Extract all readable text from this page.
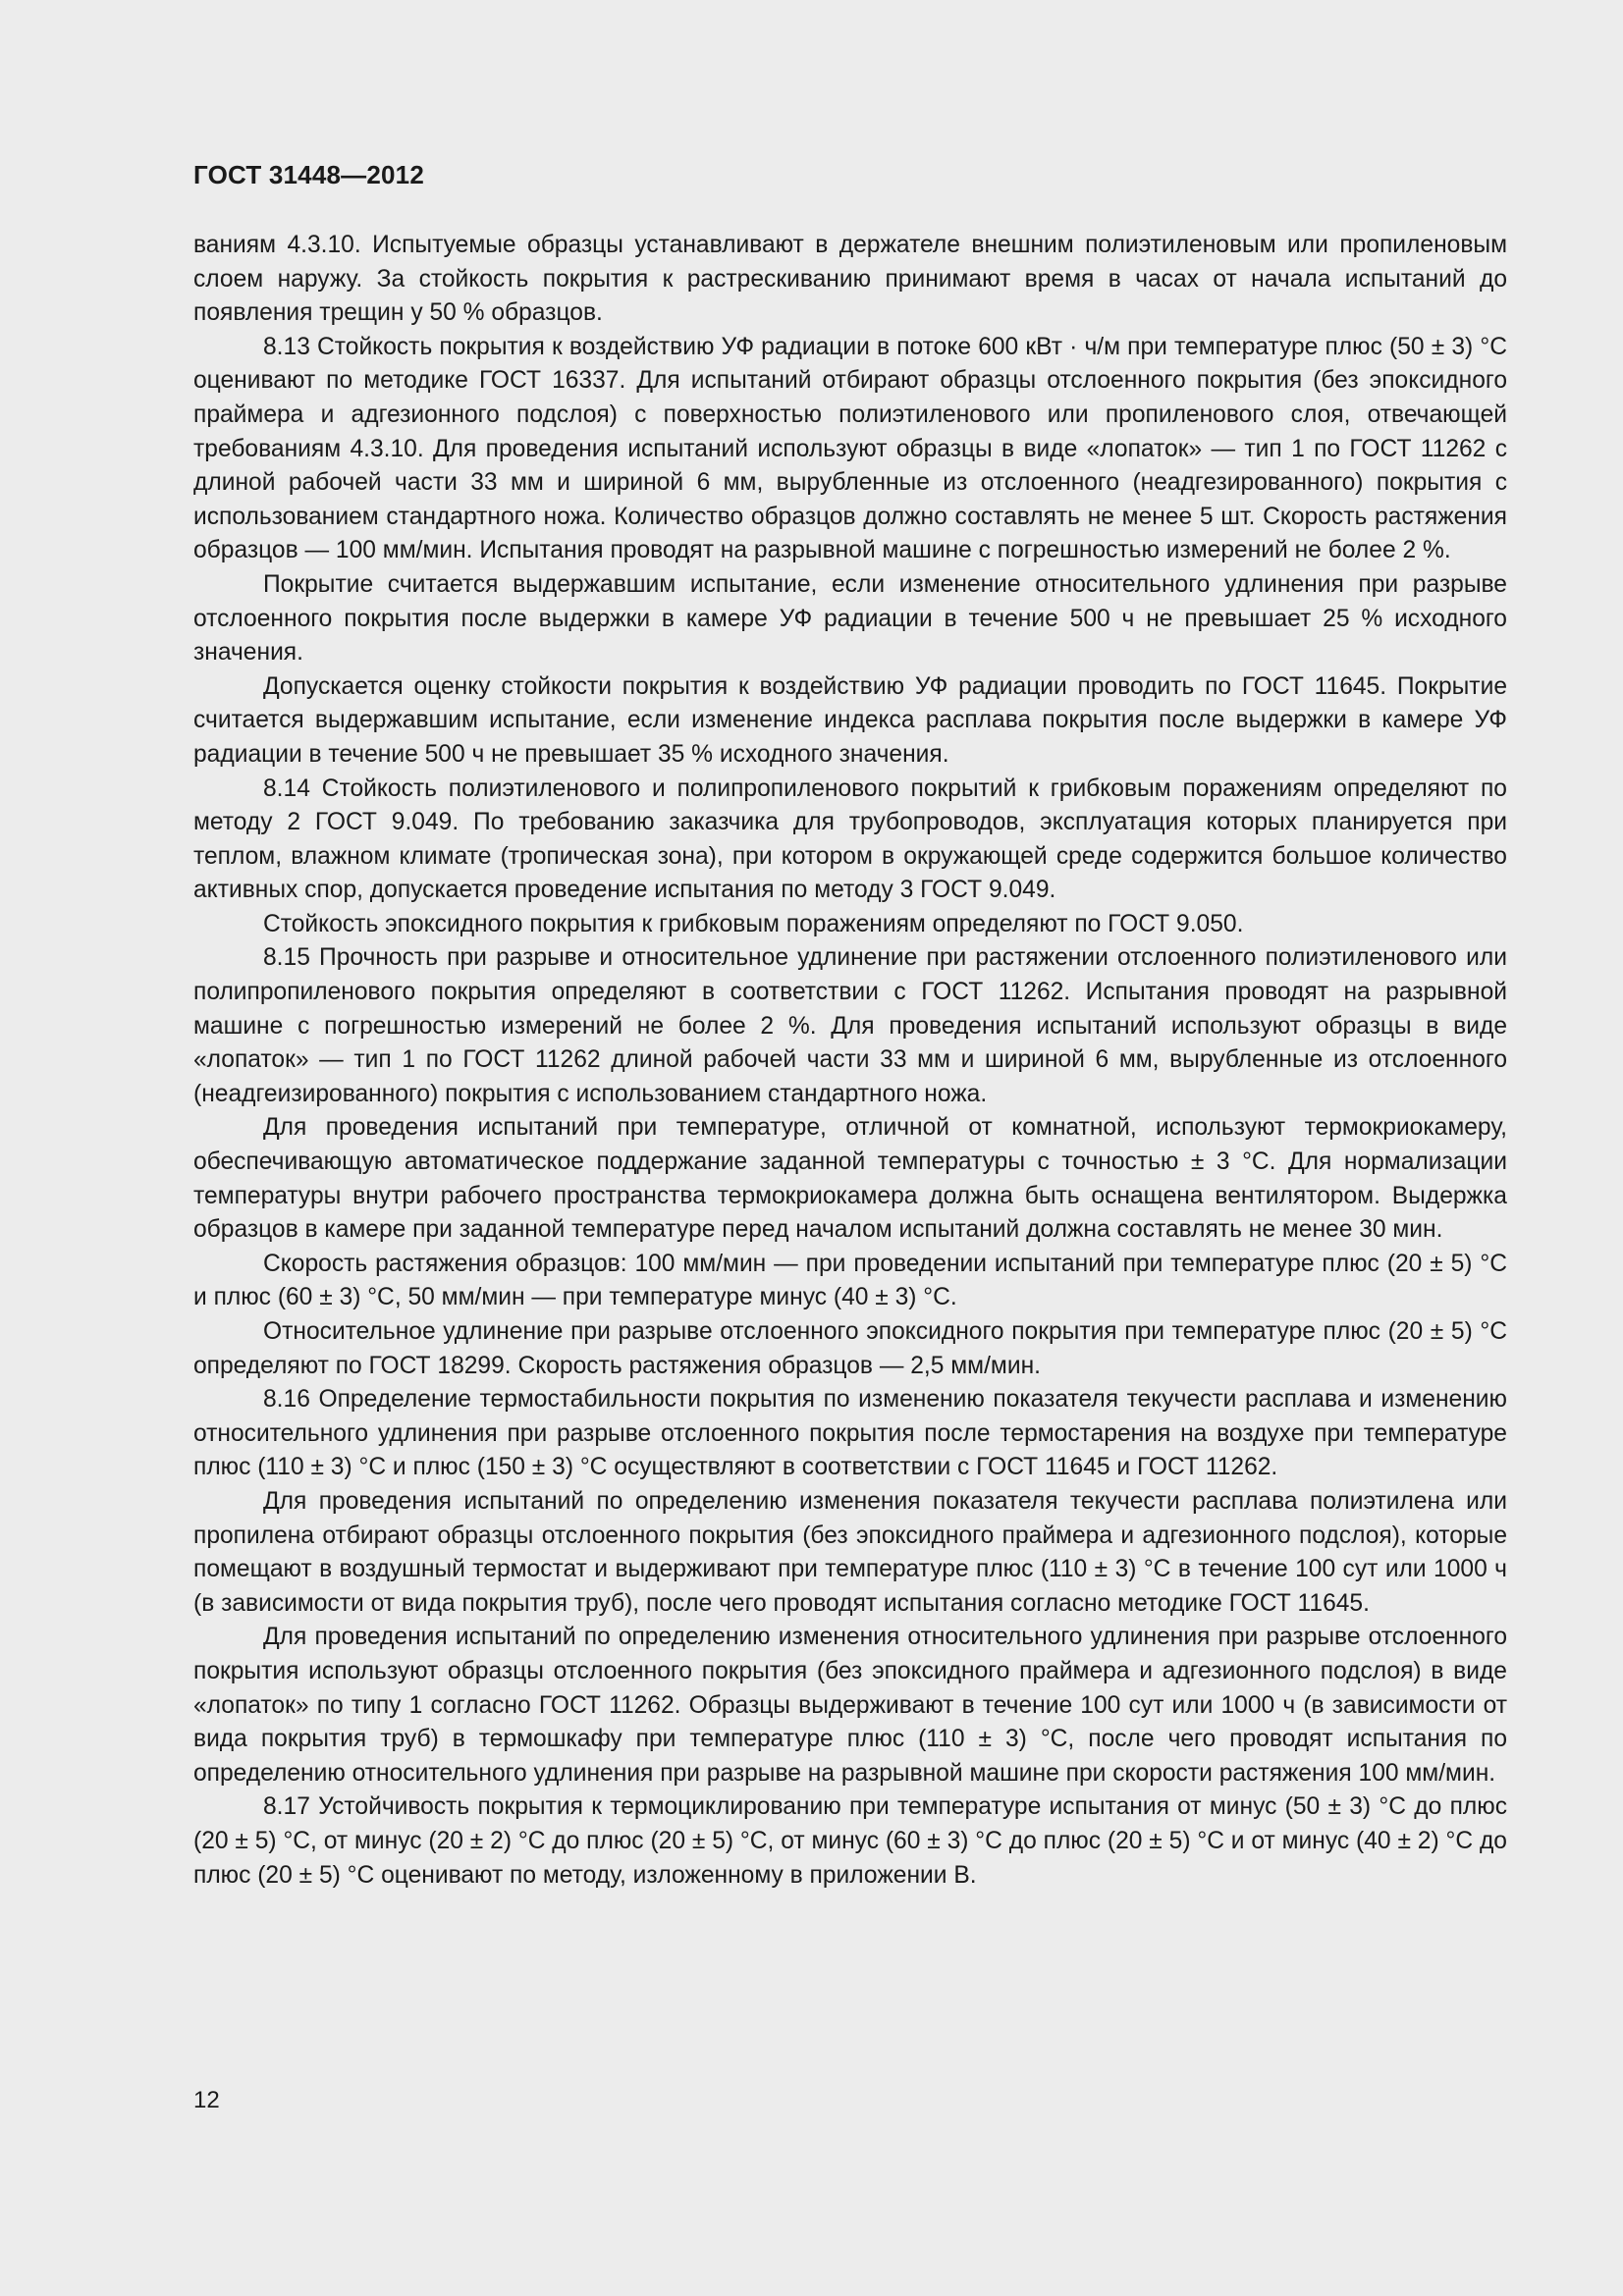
ГОСТ 31448—2012

ваниям 4.3.10. Испытуемые образцы устанавливают в держателе внешним полиэтиленовым или пропиленовым слоем наружу. За стойкость покрытия к растрескиванию принимают время в часах от начала испытаний до появления трещин у 50 % образцов.

8.13 Стойкость покрытия к воздействию УФ радиации в потоке 600 кВт · ч/м при температуре плюс (50 ± 3) °С оценивают по методике ГОСТ 16337. Для испытаний отбирают образцы отслоенного покрытия (без эпоксидного праймера и адгезионного подслоя) с поверхностью полиэтиленового или пропиленового слоя, отвечающей требованиям 4.3.10. Для проведения испытаний используют образцы в виде «лопаток» — тип 1 по ГОСТ 11262 с длиной рабочей части 33 мм и шириной 6 мм, вырубленные из отслоенного (неадгезированного) покрытия с использованием стандартного ножа. Количество образцов должно составлять не менее 5 шт. Скорость растяжения образцов — 100 мм/мин. Испытания проводят на разрывной машине с погрешностью измерений не более 2 %.

Покрытие считается выдержавшим испытание, если изменение относительного удлинения при разрыве отслоенного покрытия после выдержки в камере УФ радиации в течение 500 ч не превышает 25 % исходного значения.

Допускается оценку стойкости покрытия к воздействию УФ радиации проводить по ГОСТ 11645. Покрытие считается выдержавшим испытание, если изменение индекса расплава покрытия после выдержки в камере УФ радиации в течение 500 ч не превышает 35 % исходного значения.

8.14 Стойкость полиэтиленового и полипропиленового покрытий к грибковым поражениям определяют по методу 2 ГОСТ 9.049. По требованию заказчика для трубопроводов, эксплуатация которых планируется при теплом, влажном климате (тропическая зона), при котором в окружающей среде содержится большое количество активных спор, допускается проведение испытания по методу 3 ГОСТ 9.049.

Стойкость эпоксидного покрытия к грибковым поражениям определяют по ГОСТ 9.050.

8.15 Прочность при разрыве и относительное удлинение при растяжении отслоенного полиэтиленового или полипропиленового покрытия определяют в соответствии с ГОСТ 11262. Испытания проводят на разрывной машине с погрешностью измерений не более 2 %. Для проведения испытаний используют образцы в виде «лопаток» — тип 1 по ГОСТ 11262 длиной рабочей части 33 мм и шириной 6 мм, вырубленные из отслоенного (неадгеизированного) покрытия с использованием стандартного ножа.

Для проведения испытаний при температуре, отличной от комнатной, используют термокриокамеру, обеспечивающую автоматическое поддержание заданной температуры с точностью ± 3 °С. Для нормализации температуры внутри рабочего пространства термокриокамера должна быть оснащена вентилятором. Выдержка образцов в камере при заданной температуре перед началом испытаний должна составлять не менее 30 мин.

Скорость растяжения образцов: 100 мм/мин — при проведении испытаний при температуре плюс (20 ± 5) °С и плюс (60 ± 3) °С, 50 мм/мин — при температуре минус (40 ± 3) °С.

Относительное удлинение при разрыве отслоенного эпоксидного покрытия при температуре плюс (20 ± 5) °С определяют по ГОСТ 18299. Скорость растяжения образцов — 2,5 мм/мин.

8.16 Определение термостабильности покрытия по изменению показателя текучести расплава и изменению относительного удлинения при разрыве отслоенного покрытия после термостарения на воздухе при температуре плюс (110 ± 3) °С и плюс (150 ± 3) °С осуществляют в соответствии с ГОСТ 11645 и ГОСТ 11262.

Для проведения испытаний по определению изменения показателя текучести расплава полиэтилена или пропилена отбирают образцы отслоенного покрытия (без эпоксидного праймера и адгезионного подслоя), которые помещают в воздушный термостат и выдерживают при температуре плюс (110 ± 3) °С в течение 100 сут или 1000 ч (в зависимости от вида покрытия труб), после чего проводят испытания согласно методике ГОСТ 11645.

Для проведения испытаний по определению изменения относительного удлинения при разрыве отслоенного покрытия используют образцы отслоенного покрытия (без эпоксидного праймера и адгезионного подслоя) в виде «лопаток» по типу 1 согласно ГОСТ 11262. Образцы выдерживают в течение 100 сут или 1000 ч (в зависимости от вида покрытия труб) в термошкафу при температуре плюс (110 ± 3) °С, после чего проводят испытания по определению относительного удлинения при разрыве на разрывной машине при скорости растяжения 100 мм/мин.

8.17 Устойчивость покрытия к термоциклированию при температуре испытания от минус (50 ± 3) °С до плюс (20 ± 5) °С, от минус (20 ± 2) °С до плюс (20 ± 5) °С, от минус (60 ± 3) °С до плюс (20 ± 5) °С и от минус (40 ± 2) °С до плюс (20 ± 5) °С оценивают по методу, изложенному в приложении В.

12
